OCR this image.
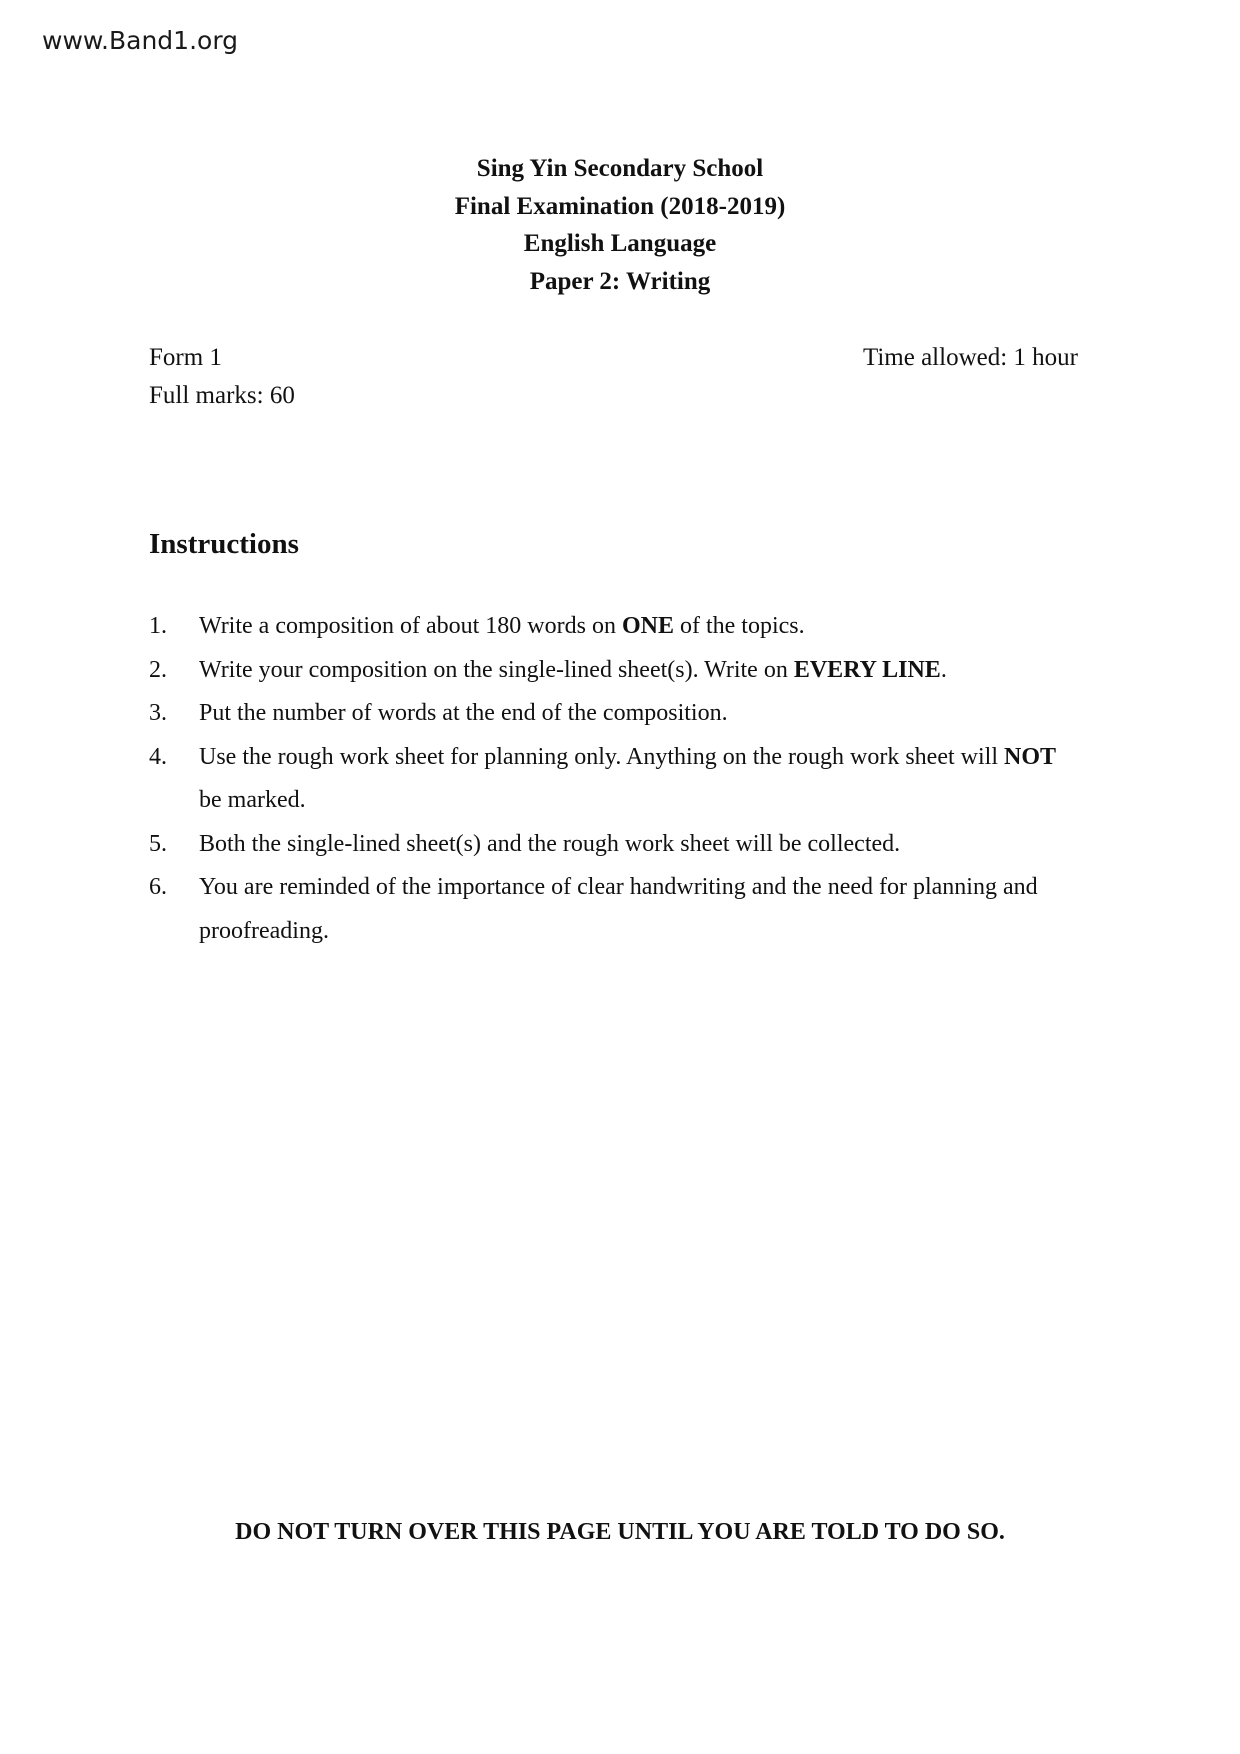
www.Band1.org
Sing Yin Secondary School
Final Examination (2018-2019)
English Language
Paper 2: Writing
Form 1	Time allowed: 1 hour
Full marks: 60
Instructions
1.	Write a composition of about 180 words on ONE of the topics.
2.	Write your composition on the single-lined sheet(s). Write on EVERY LINE.
3.	Put the number of words at the end of the composition.
4.	Use the rough work sheet for planning only. Anything on the rough work sheet will NOT be marked.
5.	Both the single-lined sheet(s) and the rough work sheet will be collected.
6.	You are reminded of the importance of clear handwriting and the need for planning and proofreading.
DO NOT TURN OVER THIS PAGE UNTIL YOU ARE TOLD TO DO SO.
